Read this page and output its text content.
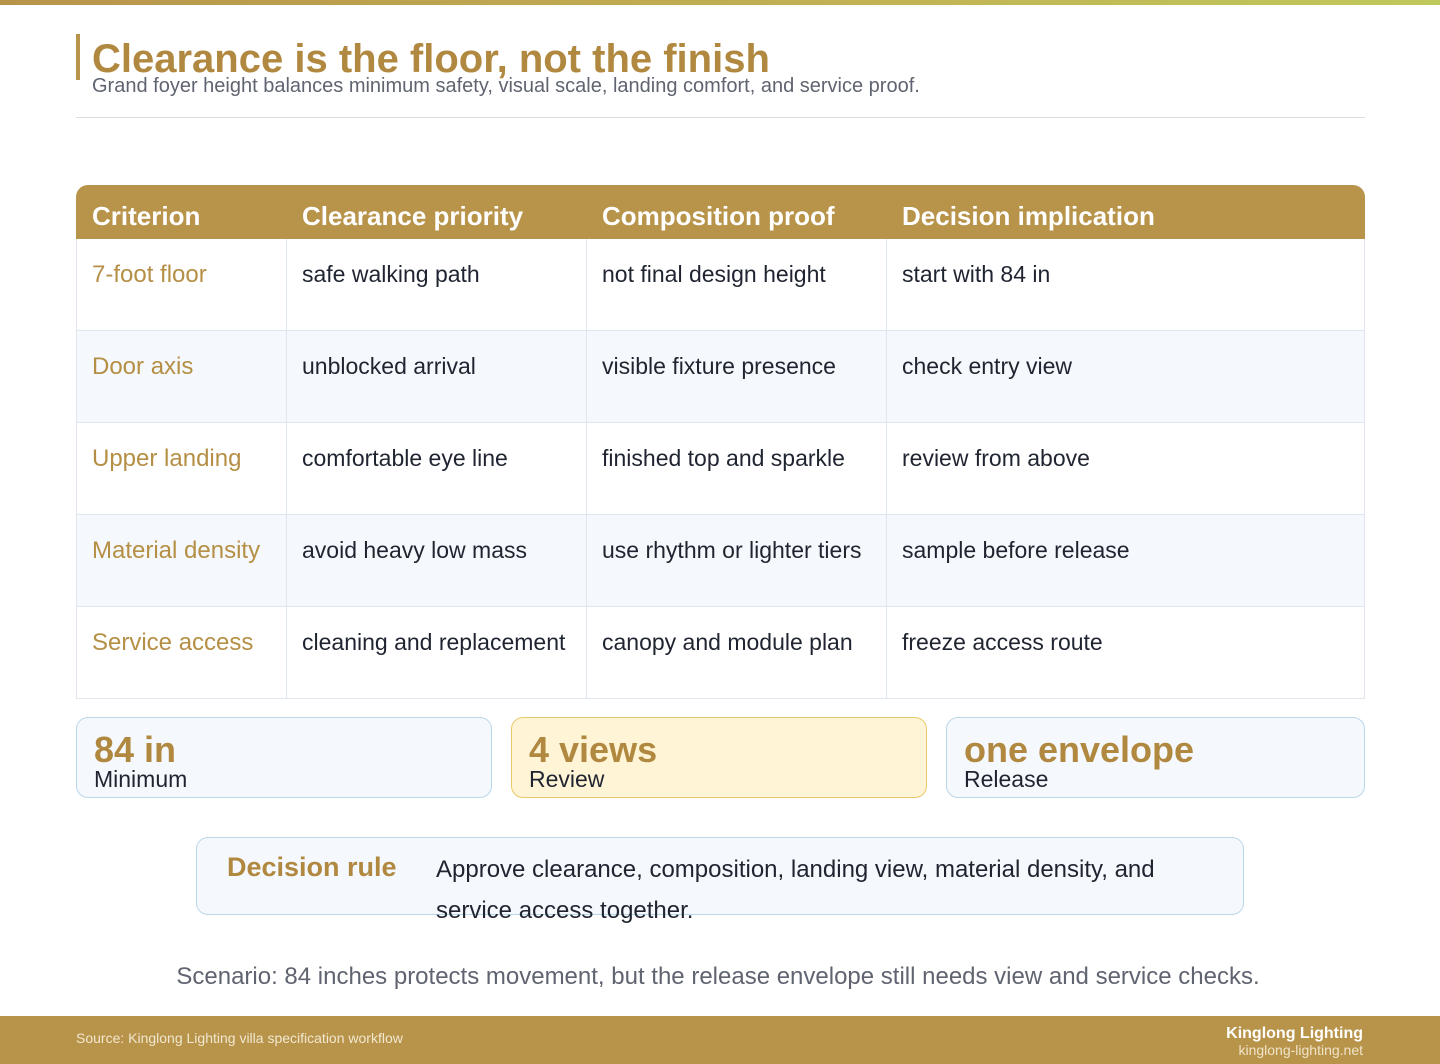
Clearance is the floor, not the finish
Grand foyer height balances minimum safety, visual scale, landing comfort, and service proof.
Criterion	Clearance priority	Composition proof	Decision implication
7-foot floor	safe walking path	not final design height	start with 84 in
Door axis	unblocked arrival	visible fixture presence	check entry view
Upper landing	comfortable eye line	finished top and sparkle	review from above
Material density	avoid heavy low mass	use rhythm or lighter tiers	sample before release
Service access	cleaning and replacement	canopy and module plan	freeze access route
84 in
Minimum
4 views
Review
one envelope
Release
Decision rule Approve clearance, composition, landing view, material density, and service access together.
Scenario: 84 inches protects movement, but the release envelope still needs view and service checks.
Source: Kinglong Lighting villa specification workflow	Kinglong Lighting
kinglong-lighting.net
